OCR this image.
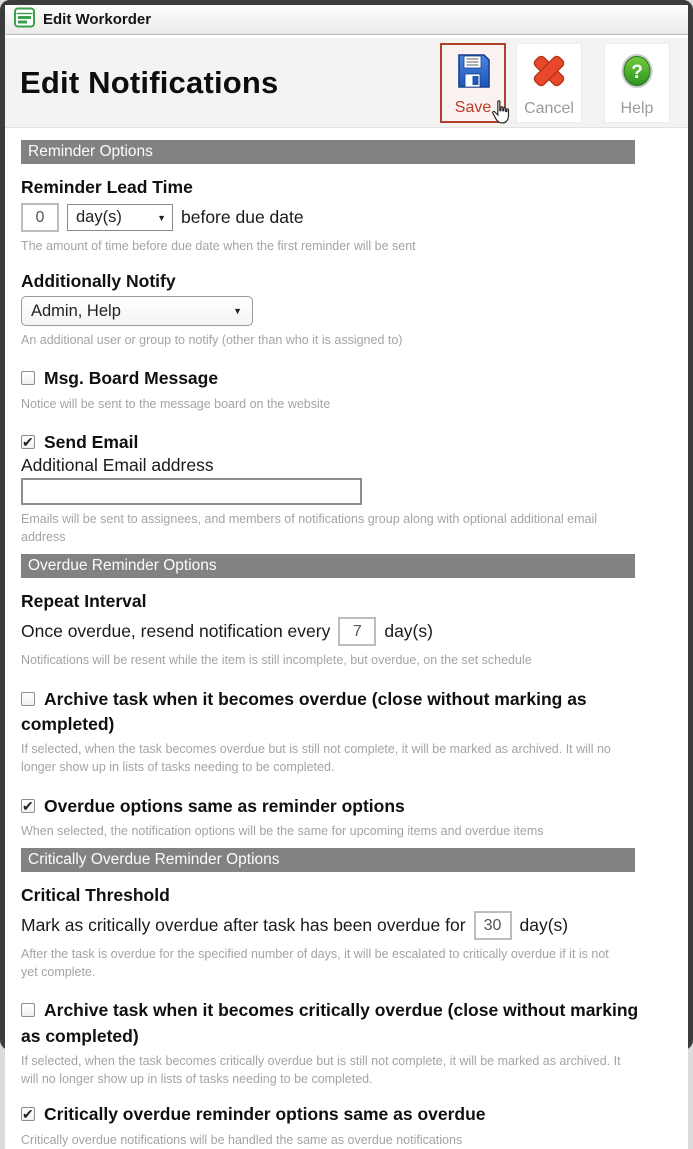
Edit Workorder
Edit Notifications
Save Cancel
?
Help
Reminder Options
Reminder Lead Time
0
day(s)	▼ before due date
The amount of time before due date when the first reminder will be sent
Additionally Notify
Admin, Help	▼
An additional user or group to notify (other than who it is assigned to)
Msg. Board Message
Notice will be sent to the message board on the website
✔Send Email
Additional Email address
Emails will be sent to assignees, and members of notifications group along with optional additional email address
Overdue Reminder Options
Repeat Interval
Once overdue, resend notification every
7	day(s)
Notifications will be resent while the item is still incomplete, but overdue, on the set schedule
Archive task when it becomes overdue (close without marking as completed)
If selected, when the task becomes overdue but is still not complete, it will be marked as archived. It will no longer show up in lists of tasks needing to be completed.
✔Overdue options same as reminder options
When selected, the notification options will be the same for upcoming items and overdue items
Critically Overdue Reminder Options
Critical Threshold
Mark as critically overdue after task has been overdue for
30	day(s)
After the task is overdue for the specified number of days, it will be escalated to critically overdue if it is not yet complete.
Archive task when it becomes critically overdue (close without marking as completed)
If selected, when the task becomes critically overdue but is still not complete, it will be marked as archived. It will no longer show up in lists of tasks needing to be completed.
✔Critically overdue reminder options same as overdue
Critically overdue notifications will be handled the same as overdue notifications
